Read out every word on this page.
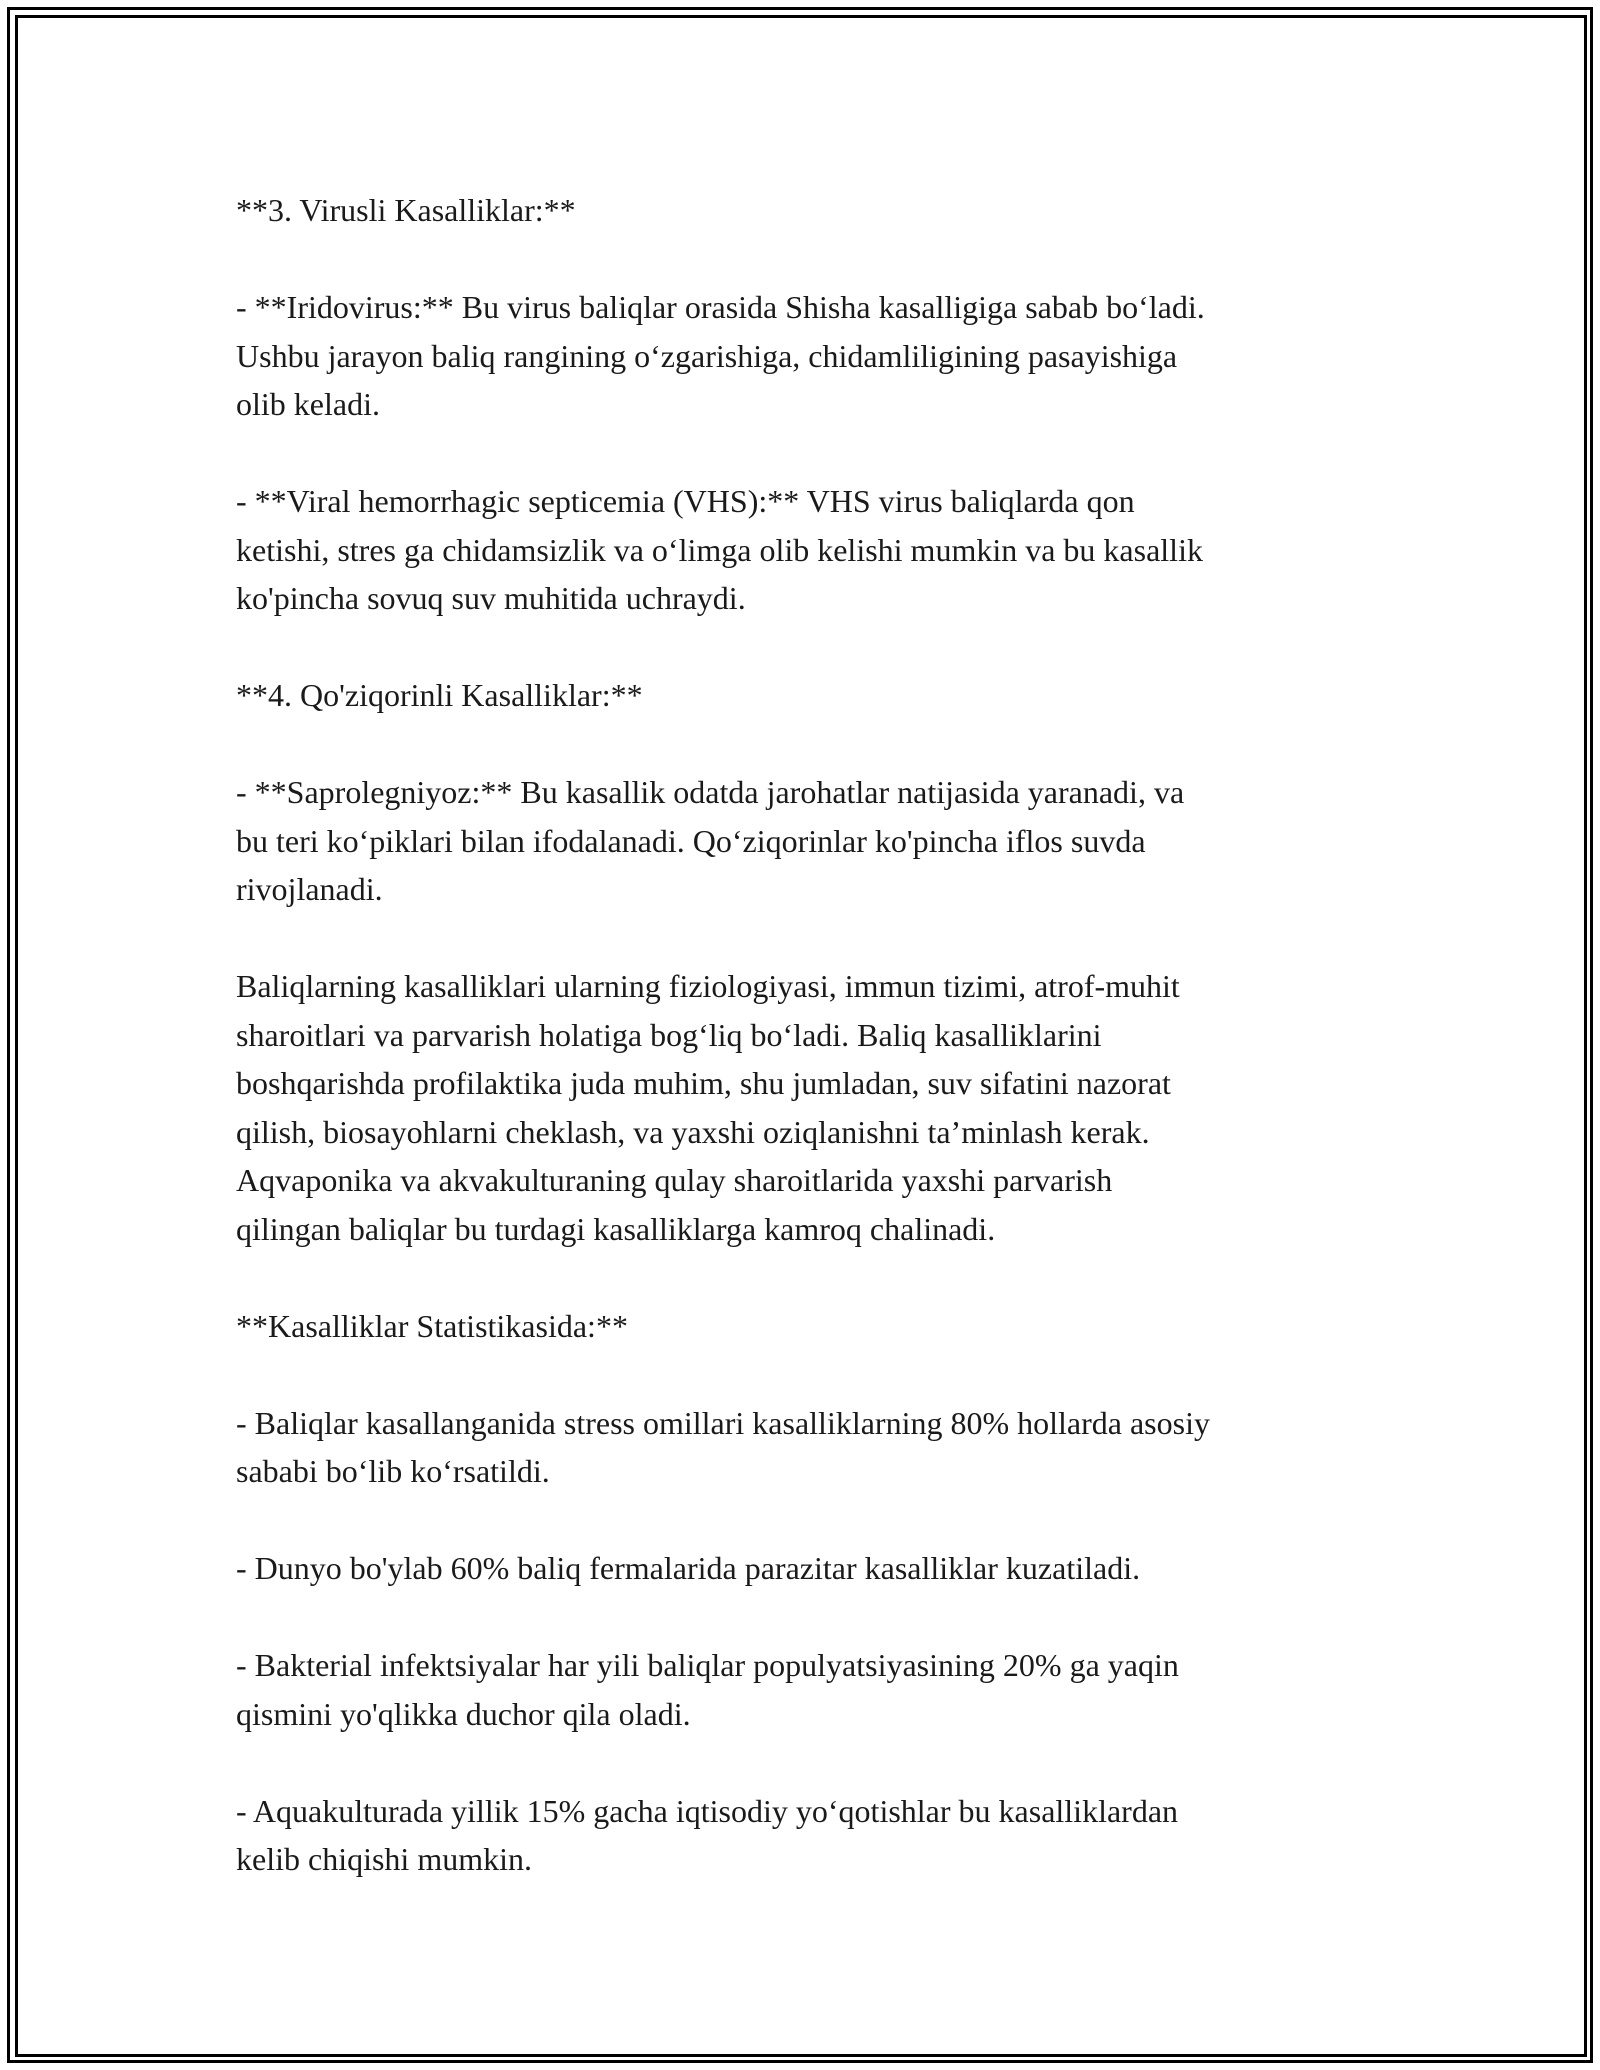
**3. Virusli Kasalliklar:**

- **Iridovirus:** Bu virus baliqlar orasida Shisha kasalligiga sabab bo‘ladi.
Ushbu jarayon baliq rangining o‘zgarishiga, chidamliligining pasayishiga
olib keladi.

- **Viral hemorrhagic septicemia (VHS):** VHS virus baliqlarda qon
ketishi, stres ga chidamsizlik va o‘limga olib kelishi mumkin va bu kasallik
ko'pincha sovuq suv muhitida uchraydi.

**4. Qo'ziqorinli Kasalliklar:**

- **Saprolegniyoz:** Bu kasallik odatda jarohatlar natijasida yaranadi, va
bu teri ko‘piklari bilan ifodalanadi. Qo‘ziqorinlar ko'pincha iflos suvda
rivojlanadi.

Baliqlarning kasalliklari ularning fiziologiyasi, immun tizimi, atrof-muhit
sharoitlari va parvarish holatiga bog‘liq bo‘ladi. Baliq kasalliklarini
boshqarishda profilaktika juda muhim, shu jumladan, suv sifatini nazorat
qilish, biosayohlarni cheklash, va yaxshi oziqlanishni ta’minlash kerak.
Aqvaponika va akvakulturaning qulay sharoitlarida yaxshi parvarish
qilingan baliqlar bu turdagi kasalliklarga kamroq chalinadi.

**Kasalliklar Statistikasida:**

- Baliqlar kasallanganida stress omillari kasalliklarning 80% hollarda asosiy
sababi bo‘lib ko‘rsatildi.

- Dunyo bo'ylab 60% baliq fermalarida parazitar kasalliklar kuzatiladi.

- Bakterial infektsiyalar har yili baliqlar populyatsiyasining 20% ga yaqin
qismini yo'qlikka duchor qila oladi.

- Aquakulturada yillik 15% gacha iqtisodiy yo‘qotishlar bu kasalliklardan
kelib chiqishi mumkin.
